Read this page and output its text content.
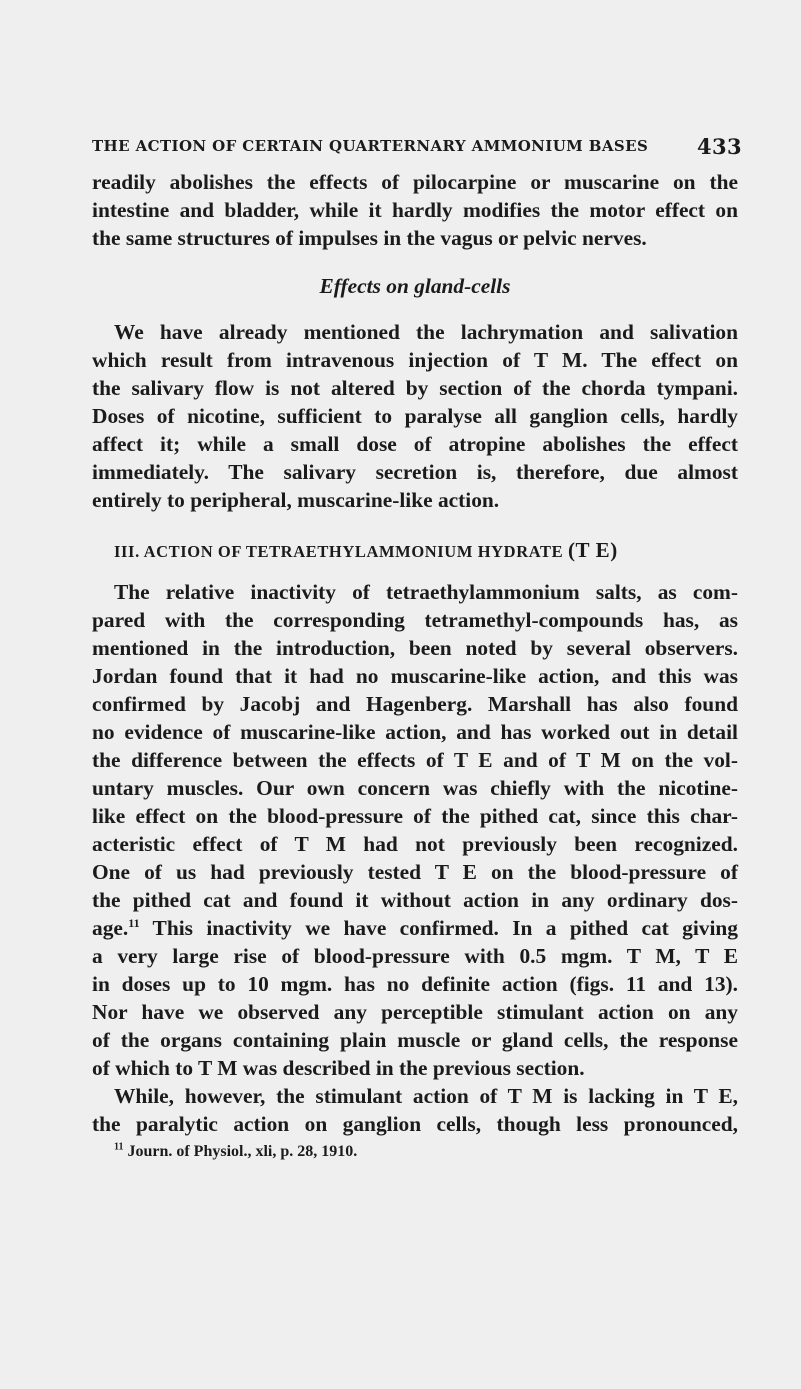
THE ACTION OF CERTAIN QUARTERNARY AMMONIUM BASES 433
readily abolishes the effects of pilocarpine or muscarine on the
intestine and bladder, while it hardly modifies the motor effect on
the same structures of impulses in the vagus or pelvic nerves.
Effects on gland-cells
We have already mentioned the lachrymation and salivation
which result from intravenous injection of T M. The effect on
the salivary flow is not altered by section of the chorda tympani.
Doses of nicotine, sufficient to paralyse all ganglion cells, hardly
affect it; while a small dose of atropine abolishes the effect
immediately. The salivary secretion is, therefore, due almost
entirely to peripheral, muscarine-like action.
III. ACTION OF TETRAETHYLAMMONIUM HYDRATE (T E)
The relative inactivity of tetraethylammonium salts, as com-
pared with the corresponding tetramethyl-compounds has, as
mentioned in the introduction, been noted by several observers.
Jordan found that it had no muscarine-like action, and this was
confirmed by Jacobj and Hagenberg. Marshall has also found
no evidence of muscarine-like action, and has worked out in detail
the difference between the effects of T E and of T M on the vol-
untary muscles. Our own concern was chiefly with the nicotine-
like effect on the blood-pressure of the pithed cat, since this char-
acteristic effect of T M had not previously been recognized.
One of us had previously tested T E on the blood-pressure of
the pithed cat and found it without action in any ordinary dos-
age.$^{11}$ This inactivity we have confirmed. In a pithed cat giving
a very large rise of blood-pressure with 0.5 mgm. T M, T E
in doses up to 10 mgm. has no definite action (figs. 11 and 13).
Nor have we observed any perceptible stimulant action on any
of the organs containing plain muscle or gland cells, the response
of which to T M was described in the previous section.
While, however, the stimulant action of T M is lacking in T E,
the paralytic action on ganglion cells, though less pronounced,
$^{11}$ Journ. of Physiol., xli, p. 28, 1910.
